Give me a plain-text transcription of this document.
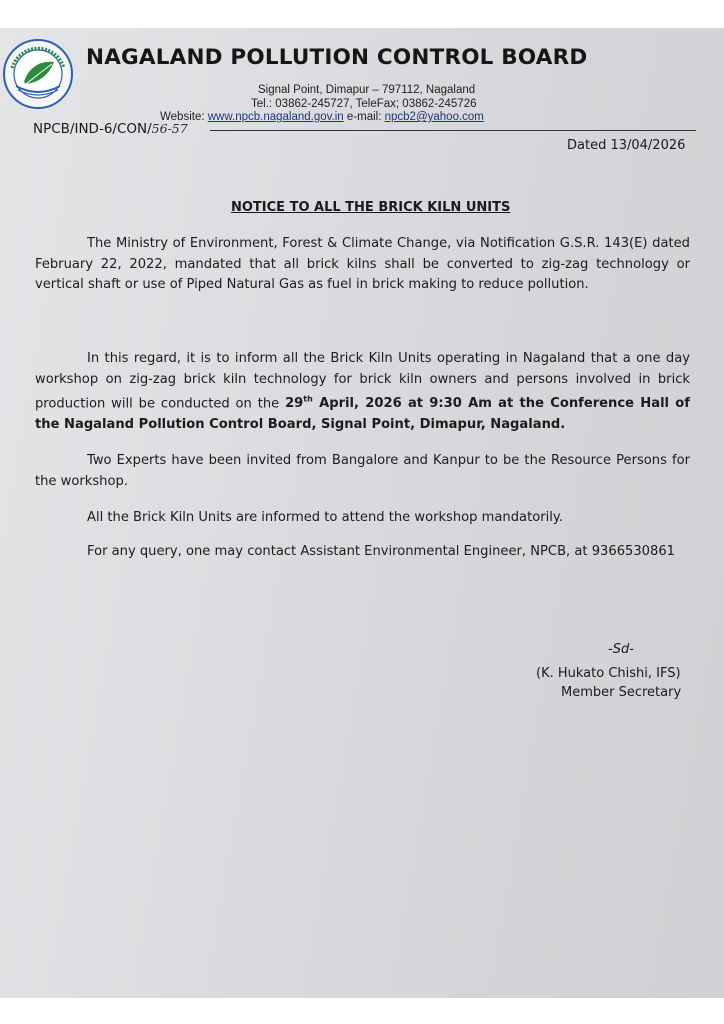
NAGALAND POLLUTION CONTROL BOARD
Signal Point, Dimapur – 797112, Nagaland
Tel.: 03862-245727, TeleFax; 03862-245726
Website: www.npcb.nagaland.gov.in e-mail: npcb2@yahoo.com
NPCB/IND-6/CON/56-57
Dated 13/04/2026
NOTICE TO ALL THE BRICK KILN UNITS
The Ministry of Environment, Forest & Climate Change, via Notification G.S.R. 143(E) dated February 22, 2022, mandated that all brick kilns shall be converted to zig-zag technology or vertical shaft or use of Piped Natural Gas as fuel in brick making to reduce pollution.
In this regard, it is to inform all the Brick Kiln Units operating in Nagaland that a one day workshop on zig-zag brick kiln technology for brick kiln owners and persons involved in brick production will be conducted on the 29th April, 2026 at 9:30 Am at the Conference Hall of the Nagaland Pollution Control Board, Signal Point, Dimapur, Nagaland.
Two Experts have been invited from Bangalore and Kanpur to be the Resource Persons for the workshop.
All the Brick Kiln Units are informed to attend the workshop mandatorily.
For any query, one may contact Assistant Environmental Engineer, NPCB, at 9366530861
-Sd-
(K. Hukato Chishi, IFS)
Member Secretary
